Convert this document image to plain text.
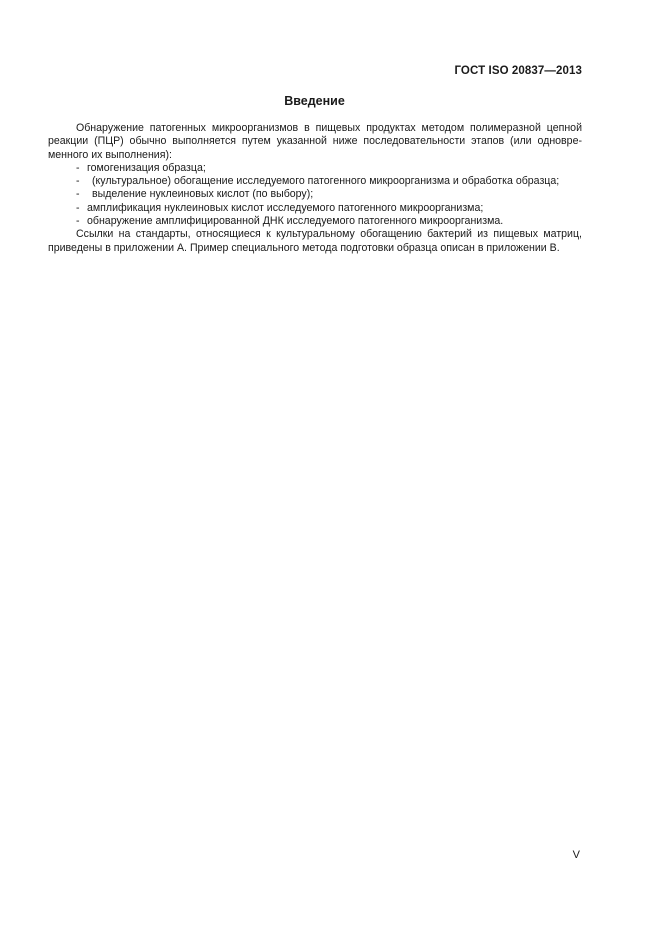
ГОСТ ISO 20837—2013
Введение

Обнаружение патогенных микроорганизмов в пищевых продуктах методом полимеразной цепной
реакции (ПЦР) обычно выполняется путем указанной ниже последовательности этапов (или одновре-
менного их выполнения):

- гомогенизация образца;
- (культуральное) обогащение исследуемого патогенного микроорганизма и обработка образца;
- выделение нуклеиновых кислот (по выбору);
- амплификация нуклеиновых кислот исследуемого патогенного микроорганизма;
- обнаружение амплифицированной ДНК исследуемого патогенного микроорганизма.

Ссылки на стандарты, относящиеся к культуральному обогащению бактерий из пищевых матриц,
приведены в приложении А. Пример специального метода подготовки образца описан в приложении В.

V
